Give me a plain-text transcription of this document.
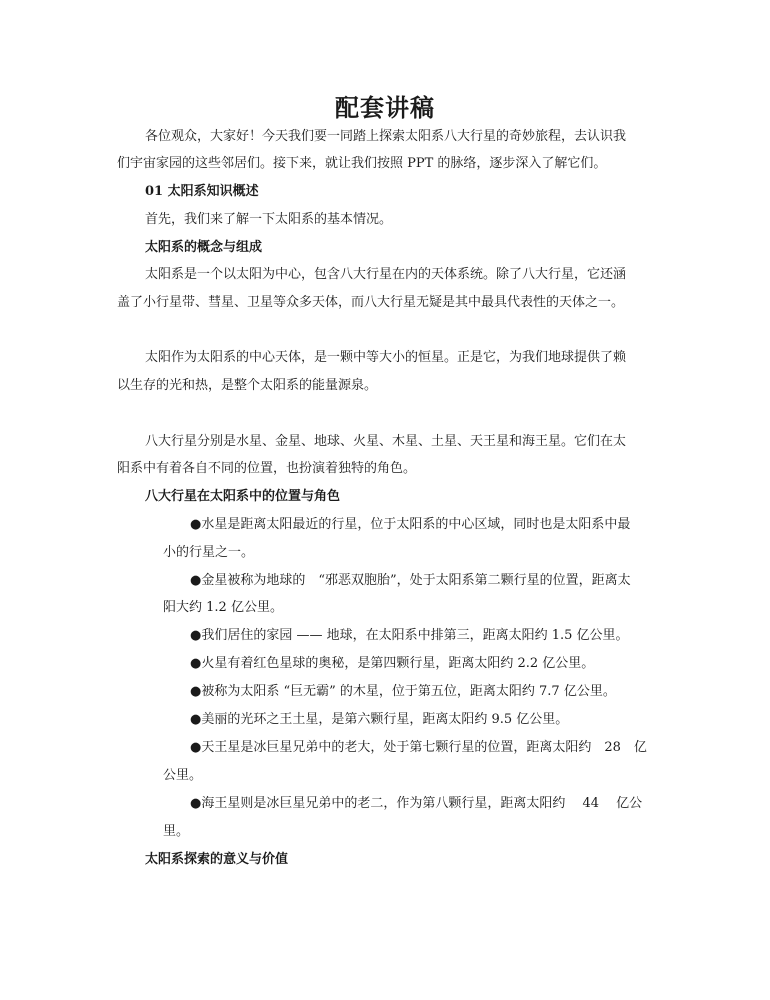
配套讲稿
各位观众，大家好！今天我们要一同踏上探索太阳系八大行星的奇妙旅程，去认识我
们宇宙家园的这些邻居们。接下来，就让我们按照 PPT 的脉络，逐步深入了解它们。
01 太阳系知识概述
首先，我们来了解一下太阳系的基本情况。
太阳系的概念与组成
太阳系是一个以太阳为中心，包含八大行星在内的天体系统。除了八大行星，它还涵
盖了小行星带、彗星、卫星等众多天体，而八大行星无疑是其中最具代表性的天体之一。
太阳作为太阳系的中心天体，是一颗中等大小的恒星。正是它，为我们地球提供了赖
以生存的光和热，是整个太阳系的能量源泉。
八大行星分别是水星、金星、地球、火星、木星、土星、天王星和海王星。它们在太
阳系中有着各自不同的位置，也扮演着独特的角色。
八大行星在太阳系中的位置与角色
●水星是距离太阳最近的行星，位于太阳系的中心区域，同时也是太阳系中最
小的行星之一。
●金星被称为地球的　“邪恶双胞胎”，处于太阳系第二颗行星的位置，距离太
阳大约 1.2 亿公里。
●我们居住的家园 —— 地球，在太阳系中排第三，距离太阳约 1.5 亿公里。
●火星有着红色星球的奥秘，是第四颗行星，距离太阳约 2.2 亿公里。
●被称为太阳系 “巨无霸” 的木星，位于第五位，距离太阳约 7.7 亿公里。
●美丽的光环之王土星，是第六颗行星，距离太阳约 9.5 亿公里。
●天王星是冰巨星兄弟中的老大，处于第七颗行星的位置，距离太阳约　28　亿
公里。
●海王星则是冰巨星兄弟中的老二，作为第八颗行星，距离太阳约　 44 　亿公
里。
太阳系探索的意义与价值
